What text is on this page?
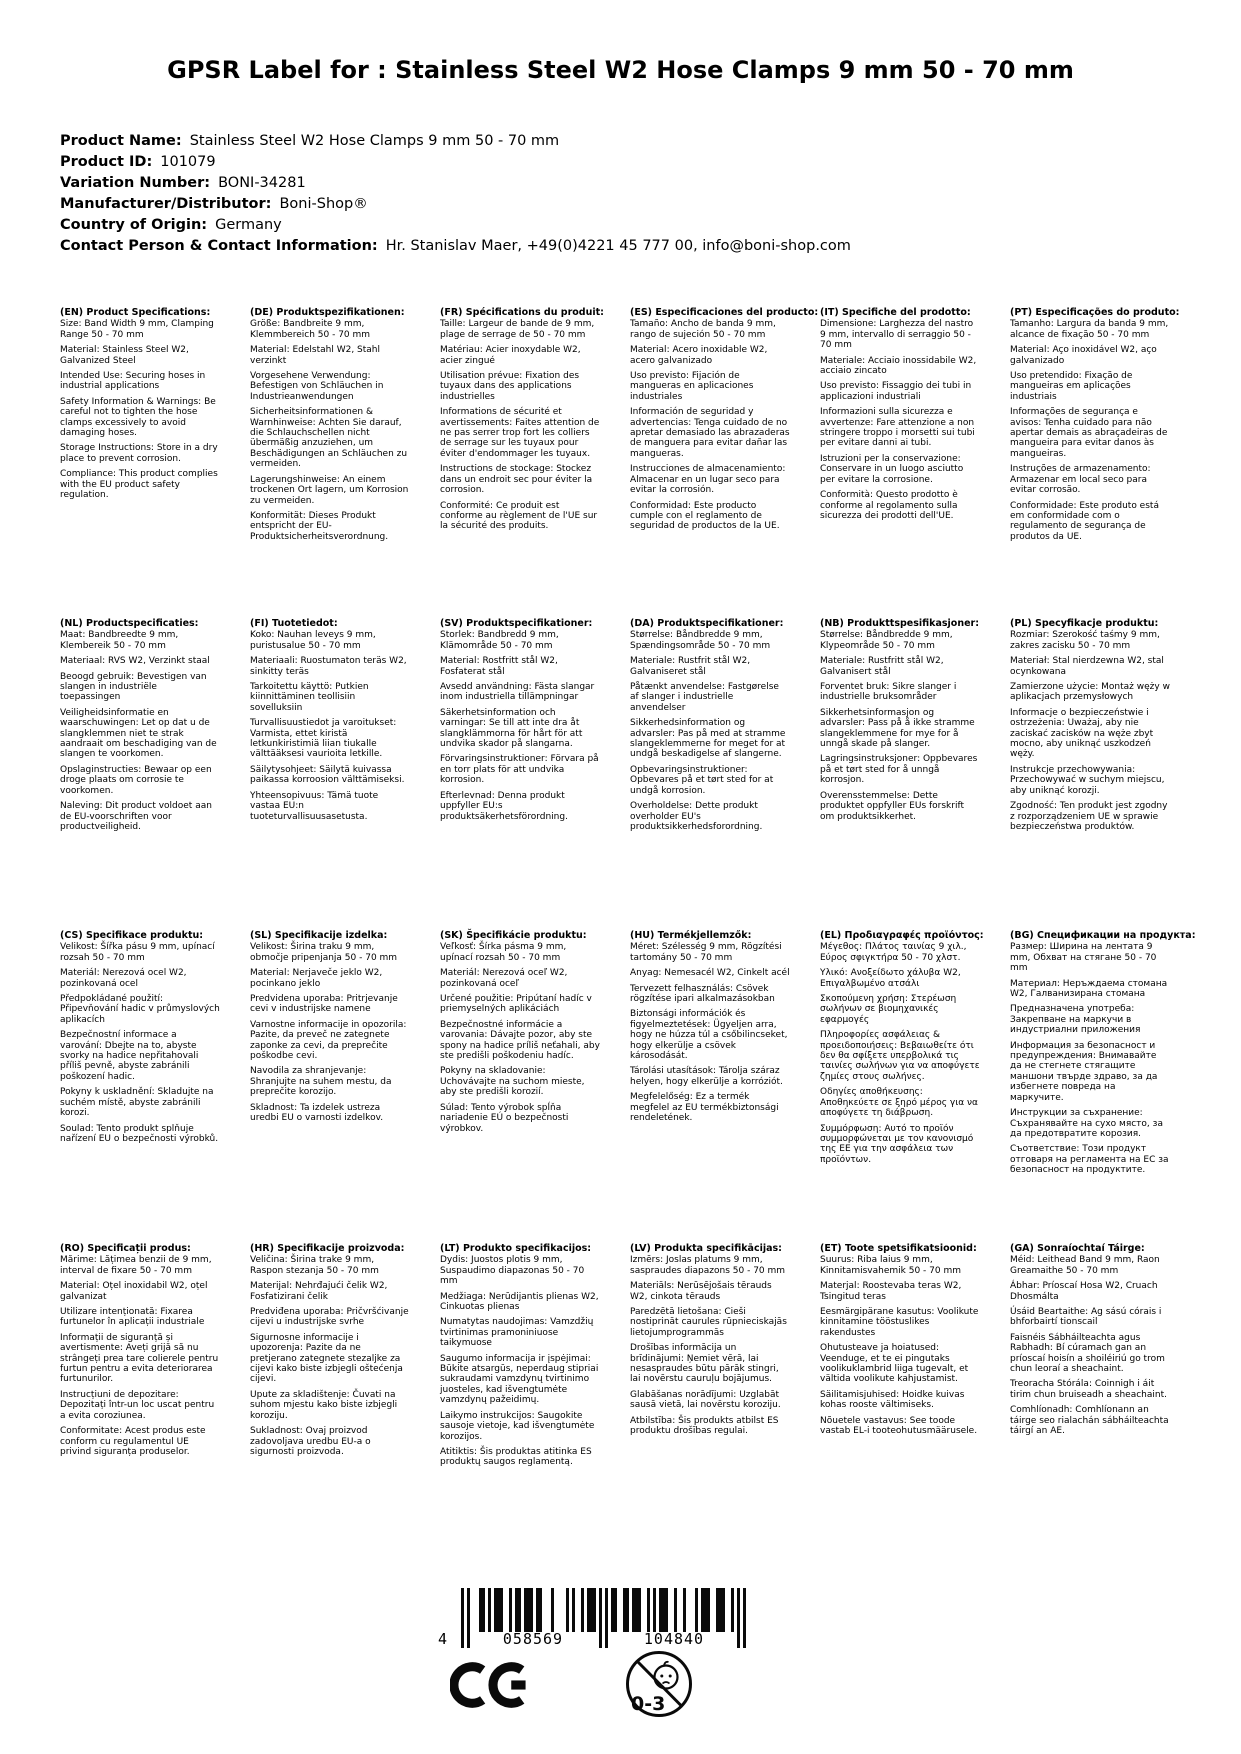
GPSR Label for : Stainless Steel W2 Hose Clamps 9 mm 50 - 70 mm
Product Name: Stainless Steel W2 Hose Clamps 9 mm 50 - 70 mm
Product ID: 101079
Variation Number: BONI-34281
Manufacturer/Distributor: Boni-Shop®
Country of Origin: Germany
Contact Person & Contact Information: Hr. Stanislav Maer, +49(0)4221 45 777 00, info@boni-shop.com
(EN) Product Specifications:

Size: Band Width 9 mm, Clamping Range 50 - 70 mm

Material: Stainless Steel W2, Galvanized Steel

Intended Use: Securing hoses in industrial applications

Safety Information & Warnings: Be careful not to tighten the hose clamps excessively to avoid damaging hoses.

Storage Instructions: Store in a dry place to prevent corrosion.

Compliance: This product complies with the EU product safety regulation.

(DE) Produktspezifikationen:

Größe: Bandbreite 9 mm, Klemmbereich 50 - 70 mm

Material: Edelstahl W2, Stahl verzinkt

Vorgesehene Verwendung: Befestigen von Schläuchen in Industrieanwendungen

Sicherheitsinformationen & Warnhinweise: Achten Sie darauf, die Schlauchschellen nicht übermäßig anzuziehen, um Beschädigungen an Schläuchen zu vermeiden.

Lagerungshinweise: An einem trockenen Ort lagern, um Korrosion zu vermeiden.

Konformität: Dieses Produkt entspricht der EU-Produktsicherheitsverordnung.

(FR) Spécifications du produit:

Taille: Largeur de bande de 9 mm, plage de serrage de 50 - 70 mm

Matériau: Acier inoxydable W2, acier zingué

Utilisation prévue: Fixation des tuyaux dans des applications industrielles

Informations de sécurité et avertissements: Faites attention de ne pas serrer trop fort les colliers de serrage sur les tuyaux pour éviter d'endommager les tuyaux.

Instructions de stockage: Stockez dans un endroit sec pour éviter la corrosion.

Conformité: Ce produit est conforme au règlement de l'UE sur la sécurité des produits.

(ES) Especificaciones del producto:

Tamaño: Ancho de banda 9 mm, rango de sujeción 50 - 70 mm

Material: Acero inoxidable W2, acero galvanizado

Uso previsto: Fijación de mangueras en aplicaciones industriales

Información de seguridad y advertencias: Tenga cuidado de no apretar demasiado las abrazaderas de manguera para evitar dañar las mangueras.

Instrucciones de almacenamiento: Almacenar en un lugar seco para evitar la corrosión.

Conformidad: Este producto cumple con el reglamento de seguridad de productos de la UE.

(IT) Specifiche del prodotto:

Dimensione: Larghezza del nastro 9 mm, intervallo di serraggio 50 - 70 mm

Materiale: Acciaio inossidabile W2, acciaio zincato

Uso previsto: Fissaggio dei tubi in applicazioni industriali

Informazioni sulla sicurezza e avvertenze: Fare attenzione a non stringere troppo i morsetti sui tubi per evitare danni ai tubi.

Istruzioni per la conservazione: Conservare in un luogo asciutto per evitare la corrosione.

Conformità: Questo prodotto è conforme al regolamento sulla sicurezza dei prodotti dell'UE.

(PT) Especificações do produto:

Tamanho: Largura da banda 9 mm, alcance de fixação 50 - 70 mm

Material: Aço inoxidável W2, aço galvanizado

Uso pretendido: Fixação de mangueiras em aplicações industriais

Informações de segurança e avisos: Tenha cuidado para não apertar demais as abraçadeiras de mangueira para evitar danos às mangueiras.

Instruções de armazenamento: Armazenar em local seco para evitar corrosão.

Conformidade: Este produto está em conformidade com o regulamento de segurança de produtos da UE.

(NL) Productspecificaties:

Maat: Bandbreedte 9 mm, Klembereik 50 - 70 mm

Materiaal: RVS W2, Verzinkt staal

Beoogd gebruik: Bevestigen van slangen in industriële toepassingen

Veiligheidsinformatie en waarschuwingen: Let op dat u de slangklemmen niet te strak aandraait om beschadiging van de slangen te voorkomen.

Opslaginstructies: Bewaar op een droge plaats om corrosie te voorkomen.

Naleving: Dit product voldoet aan de EU-voorschriften voor productveiligheid.

(FI) Tuotetiedot:

Koko: Nauhan leveys 9 mm, puristusalue 50 - 70 mm

Materiaali: Ruostumaton teräs W2, sinkitty teräs

Tarkoitettu käyttö: Putkien kiinnittäminen teollisiin sovelluksiin

Turvallisuustiedot ja varoitukset: Varmista, ettet kiristä letkunkiristimiä liian tiukalle välttääksesi vaurioita letkille.

Säilytysohjeet: Säilytä kuivassa paikassa korroosion välttämiseksi.

Yhteensopivuus: Tämä tuote vastaa EU:n tuoteturvallisuusasetusta.

(SV) Produktspecifikationer:

Storlek: Bandbredd 9 mm, Klämområde 50 - 70 mm

Material: Rostfritt stål W2, Fosfaterat stål

Avsedd användning: Fästa slangar inom industriella tillämpningar

Säkerhetsinformation och varningar: Se till att inte dra åt slangklämmorna för hårt för att undvika skador på slangarna.

Förvaringsinstruktioner: Förvara på en torr plats för att undvika korrosion.

Efterlevnad: Denna produkt uppfyller EU:s produktsäkerhetsförordning.

(DA) Produktspecifikationer:

Størrelse: Båndbredde 9 mm, Spændingsområde 50 - 70 mm

Materiale: Rustfrit stål W2, Galvaniseret stål

Påtænkt anvendelse: Fastgørelse af slanger i industrielle anvendelser

Sikkerhedsinformation og advarsler: Pas på med at stramme slangeklemmerne for meget for at undgå beskadigelse af slangerne.

Opbevaringsinstruktioner: Opbevares på et tørt sted for at undgå korrosion.

Overholdelse: Dette produkt overholder EU's produktsikkerhedsforordning.

(NB) Produkttspesifikasjoner:

Størrelse: Båndbredde 9 mm, Klypeområde 50 - 70 mm

Materiale: Rustfritt stål W2, Galvanisert stål

Forventet bruk: Sikre slanger i industrielle bruksområder

Sikkerhetsinformasjon og advarsler: Pass på å ikke stramme slangeklemmene for mye for å unngå skade på slanger.

Lagringsinstruksjoner: Oppbevares på et tørt sted for å unngå korrosjon.

Overensstemmelse: Dette produktet oppfyller EUs forskrift om produktsikkerhet.

(PL) Specyfikacje produktu:

Rozmiar: Szerokość taśmy 9 mm, zakres zacisku 50 - 70 mm

Materiał: Stal nierdzewna W2, stal ocynkowana

Zamierzone użycie: Montaż węży w aplikacjach przemysłowych

Informacje o bezpieczeństwie i ostrzeżenia: Uważaj, aby nie zaciskać zacisków na węże zbyt mocno, aby uniknąć uszkodzeń węży.

Instrukcje przechowywania: Przechowywać w suchym miejscu, aby uniknąć korozji.

Zgodność: Ten produkt jest zgodny z rozporządzeniem UE w sprawie bezpieczeństwa produktów.

(CS) Specifikace produktu:

Velikost: Šířka pásu 9 mm, upínací rozsah 50 - 70 mm

Materiál: Nerezová ocel W2, pozinkovaná ocel

Předpokládané použití: Připevňování hadic v průmyslových aplikacích

Bezpečnostní informace a varování: Dbejte na to, abyste svorky na hadice nepřitahovali příliš pevně, abyste zabránili poškození hadic.

Pokyny k uskladnění: Skladujte na suchém místě, abyste zabránili korozi.

Soulad: Tento produkt splňuje nařízení EU o bezpečnosti výrobků.

(SL) Specifikacije izdelka:

Velikost: Širina traku 9 mm, območje pripenjanja 50 - 70 mm

Material: Nerjaveče jeklo W2, pocinkano jeklo

Predvidena uporaba: Pritrjevanje cevi v industrijske namene

Varnostne informacije in opozorila: Pazite, da preveč ne zategnete zaponke za cevi, da preprečite poškodbe cevi.

Navodila za shranjevanje: Shranjujte na suhem mestu, da preprečite korozijo.

Skladnost: Ta izdelek ustreza uredbi EU o varnosti izdelkov.

(SK) Špecifikácie produktu:

Veľkosť: Šírka pásma 9 mm, upínací rozsah 50 - 70 mm

Materiál: Nerezová oceľ W2, pozinkovaná oceľ

Určené použitie: Pripútaní hadíc v priemyselných aplikáciách

Bezpečnostné informácie a varovania: Dávajte pozor, aby ste spony na hadice príliš neťahali, aby ste predišli poškodeniu hadíc.

Pokyny na skladovanie: Uchovávajte na suchom mieste, aby ste predišli korozií.

Súlad: Tento výrobok spĺňa nariadenie EÚ o bezpečnosti výrobkov.

(HU) Termékjellemzők:

Méret: Szélesség 9 mm, Rögzítési tartomány 50 - 70 mm

Anyag: Nemesacél W2, Cinkelt acél

Tervezett felhasználás: Csövek rögzítése ipari alkalmazásokban

Biztonsági információk és figyelmeztetések: Ügyeljen arra, hogy ne húzza túl a csőbilincseket, hogy elkerülje a csövek károsodását.

Tárolási utasítások: Tárolja száraz helyen, hogy elkerülje a korróziót.

Megfelelőség: Ez a termék megfelel az EU termékbiztonsági rendeletének.

(EL) Προδιαγραφές προϊόντος:

Μέγεθος: Πλάτος ταινίας 9 χιλ., Εύρος σφιγκτήρα 50 - 70 χλστ.

Υλικό: Ανοξείδωτο χάλυβα W2, Επιγαλβωμένο ατσάλι

Σκοπούμενη χρήση: Στερέωση σωλήνων σε βιομηχανικές εφαρμογές

Πληροφορίες ασφάλειας & προειδοποιήσεις: Βεβαιωθείτε ότι δεν θα σφίξετε υπερβολικά τις ταινίες σωλήνων για να αποφύγετε ζημίες στους σωλήνες.

Οδηγίες αποθήκευσης: Αποθηκεύετε σε ξηρό μέρος για να αποφύγετε τη διάβρωση.

Συμμόρφωση: Αυτό το προϊόν συμμορφώνεται με τον κανονισμό της ΕΕ για την ασφάλεια των προϊόντων.

(BG) Спецификации на продукта:

Размер: Ширина на лентата 9 mm, Обхват на стягане 50 - 70 mm

Материал: Неръждаема стомана W2, Галванизирана стомана

Предназначена употреба: Закрепване на маркучи в индустриални приложения

Информация за безопасност и предупреждения: Внимавайте да не стегнете стягащите маншони твърде здраво, за да избегнете повреда на маркучите.

Инструкции за съхранение: Съхранявайте на сухо място, за да предотвратите корозия.

Съответствие: Този продукт отговаря на регламента на ЕС за безопасност на продуктите.

(RO) Specificații produs:

Mărime: Lățimea benzii de 9 mm, interval de fixare 50 - 70 mm

Material: Oțel inoxidabil W2, oțel galvanizat

Utilizare intenționată: Fixarea furtunelor în aplicații industriale

Informații de siguranță și avertismente: Aveți grijă să nu strângeți prea tare colierele pentru furtun pentru a evita deteriorarea furtunurilor.

Instrucțiuni de depozitare: Depozitați într-un loc uscat pentru a evita coroziunea.

Conformitate: Acest produs este conform cu regulamentul UE privind siguranța produselor.

(HR) Specifikacije proizvoda:

Veličina: Širina trake 9 mm, Raspon stezanja 50 - 70 mm

Materijal: Nehrđajući čelik W2, Fosfatizirani čelik

Predviđena uporaba: Pričvršćivanje cijevi u industrijske svrhe

Sigurnosne informacije i upozorenja: Pazite da ne pretjerano zategnete stezaljke za cijevi kako biste izbjegli oštećenja cijevi.

Upute za skladištenje: Čuvati na suhom mjestu kako biste izbjegli koroziju.

Sukladnost: Ovaj proizvod zadovoljava uredbu EU-a o sigurnosti proizvoda.

(LT) Produkto specifikacijos:

Dydis: Juostos plotis 9 mm, Suspaudimo diapazonas 50 - 70 mm

Medžiaga: Nerūdijantis plienas W2, Cinkuotas plienas

Numatytas naudojimas: Vamzdžių tvirtinimas pramoniniuose taikymuose

Saugumo informacija ir įspėjimai: Būkite atsargūs, neperdaug stipriai sukraudami vamzdynų tvirtinimo juosteles, kad išvengtumėte vamzdynų pažeidimų.

Laikymo instrukcijos: Saugokite sausoje vietoje, kad išvengtumėte korozijos.

Atitiktis: Šis produktas atitinka ES produktų saugos reglamentą.

(LV) Produkta specifikācijas:

Izmērs: Joslas platums 9 mm, saspraudes diapazons 50 - 70 mm

Materiāls: Nerūsējošais tērauds W2, cinkota tērauds

Paredzētā lietošana: Cieši nostiprināt caurules rūpnieciskajās lietojumprogrammās

Drošības informācija un brīdinājumi: Ņemiet vērā, lai nesaspraudes būtu pārāk stingri, lai novērstu cauruļu bojājumus.

Glabāšanas norādījumi: Uzglabāt sausā vietā, lai novērstu koroziju.

Atbilstība: Šis produkts atbilst ES produktu drošības regulai.

(ET) Toote spetsifikatsioonid:

Suurus: Riba laius 9 mm, Kinnitamisvahemik 50 - 70 mm

Materjal: Roostevaba teras W2, Tsingitud teras

Eesmärgipärane kasutus: Voolikute kinnitamine tööstuslikes rakendustes

Ohutusteave ja hoiatused: Veenduge, et te ei pingutaks voolikuklambrid liiga tugevalt, et vältida voolikute kahjustamist.

Säilitamisjuhised: Hoidke kuivas kohas rooste vältimiseks.

Nõuetele vastavus: See toode vastab EL-i tooteohutusmäärusele.

(GA) Sonraíochtaí Táirge:

Méid: Leithead Band 9 mm, Raon Greamaithe 50 - 70 mm

Ábhar: Príoscaí Hosa W2, Cruach Dhosmálta

Úsáid Beartaithe: Ag sású córais i bhforbairtí tionscail

Faisnéis Sábháilteachta agus Rabhadh: Bí cúramach gan an príoscaí hoisín a shoiléiriú go trom chun leoraí a sheachaint.

Treoracha Stórála: Coinnigh i áit tirim chun bruiseadh a sheachaint.

Comhlíonadh: Comhlíonann an táirge seo rialachán sábháilteachta táirgí an AE.

4	058569	104840
0-3
